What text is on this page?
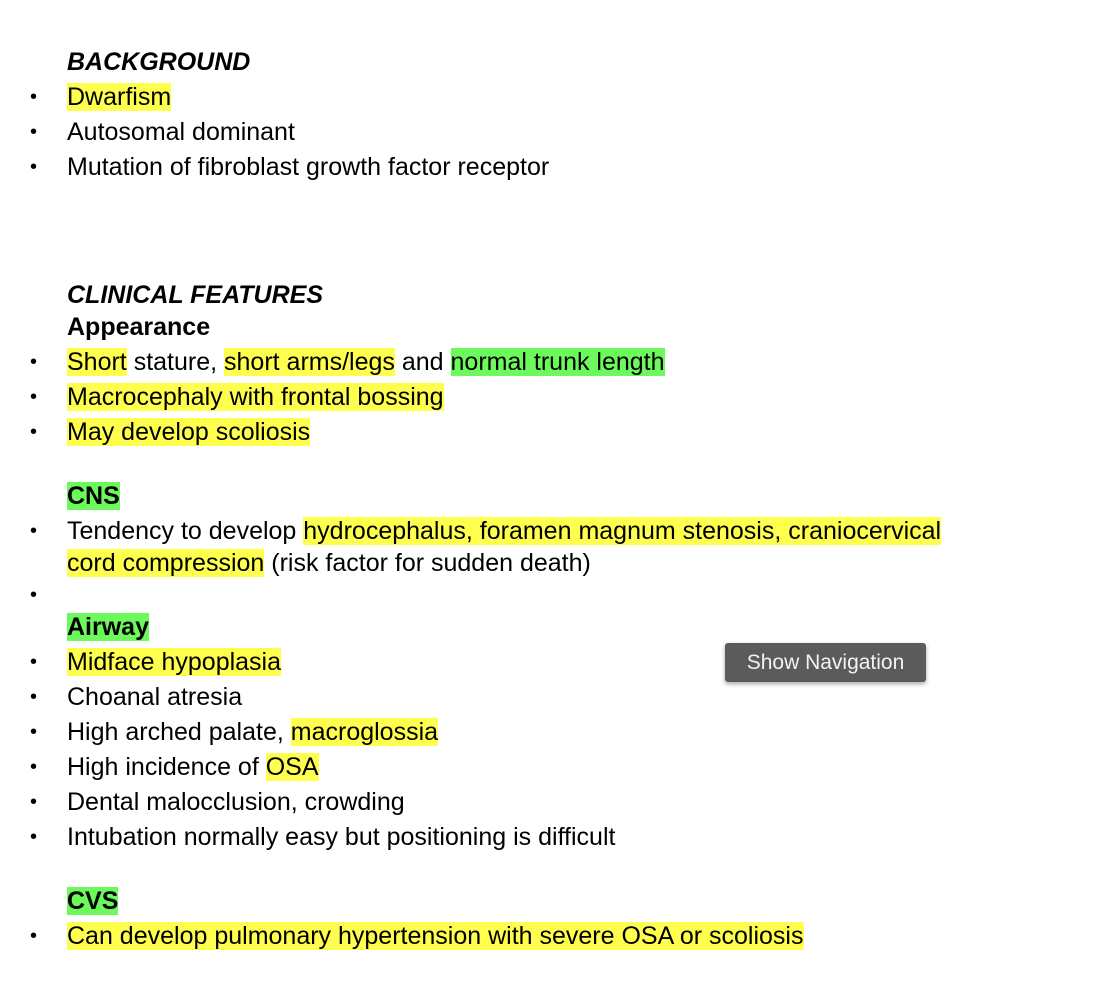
BACKGROUND
• Dwarfism
• Autosomal dominant
• Mutation of fibroblast growth factor receptor
CLINICAL FEATURES
Appearance
• Short stature, short arms/legs and normal trunk length
• Macrocephaly with frontal bossing
• May develop scoliosis
CNS
• Tendency to develop hydrocephalus, foramen magnum stenosis, craniocervical
cord compression (risk factor for sudden death)
•
Airway
• Midface hypoplasia
• Choanal atresia
• High arched palate, macroglossia
• High incidence of OSA
• Dental malocclusion, crowding
• Intubation normally easy but positioning is difficult
CVS
• Can develop pulmonary hypertension with severe OSA or scoliosis
Show Navigation
